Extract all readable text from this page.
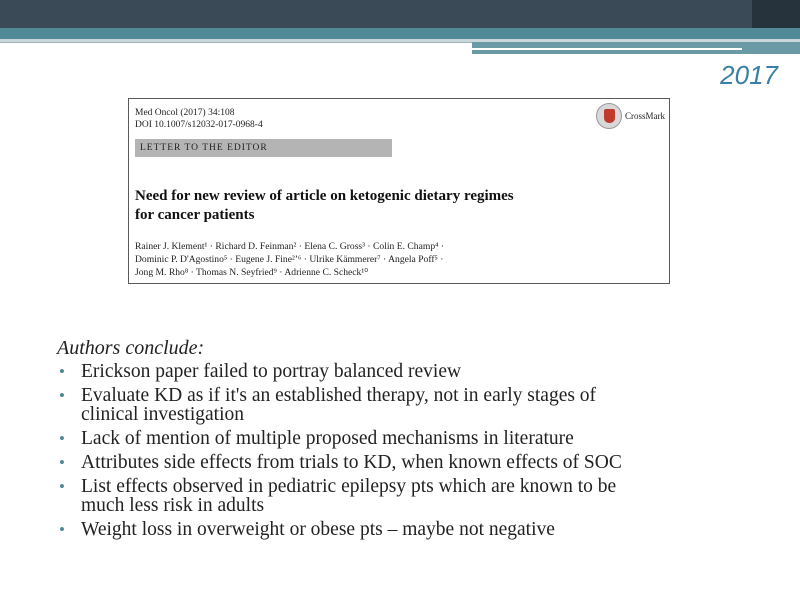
2017
Med Oncol (2017) 34:108
DOI 10.1007/s12032-017-0968-4
CrossMark
LETTER TO THE EDITOR
Need for new review of article on ketogenic dietary regimes
for cancer patients
Rainer J. Klement¹ · Richard D. Feinman² · Elena C. Gross³ · Colin E. Champ⁴ ·
Dominic P. D'Agostino⁵ · Eugene J. Fine²ʼ⁶ · Ulrike Kämmerer⁷ · Angela Poff⁵ ·
Jong M. Rho⁸ · Thomas N. Seyfried⁹ · Adrienne C. Scheck¹⁰
Authors conclude:
• Erickson paper failed to portray balanced review
• Evaluate KD as if it's an established therapy, not in early stages of
clinical investigation
• Lack of mention of multiple proposed mechanisms in literature
• Attributes side effects from trials to KD, when known effects of SOC
• List effects observed in pediatric epilepsy pts which are known to be
much less risk in adults
• Weight loss in overweight or obese pts – maybe not negative
